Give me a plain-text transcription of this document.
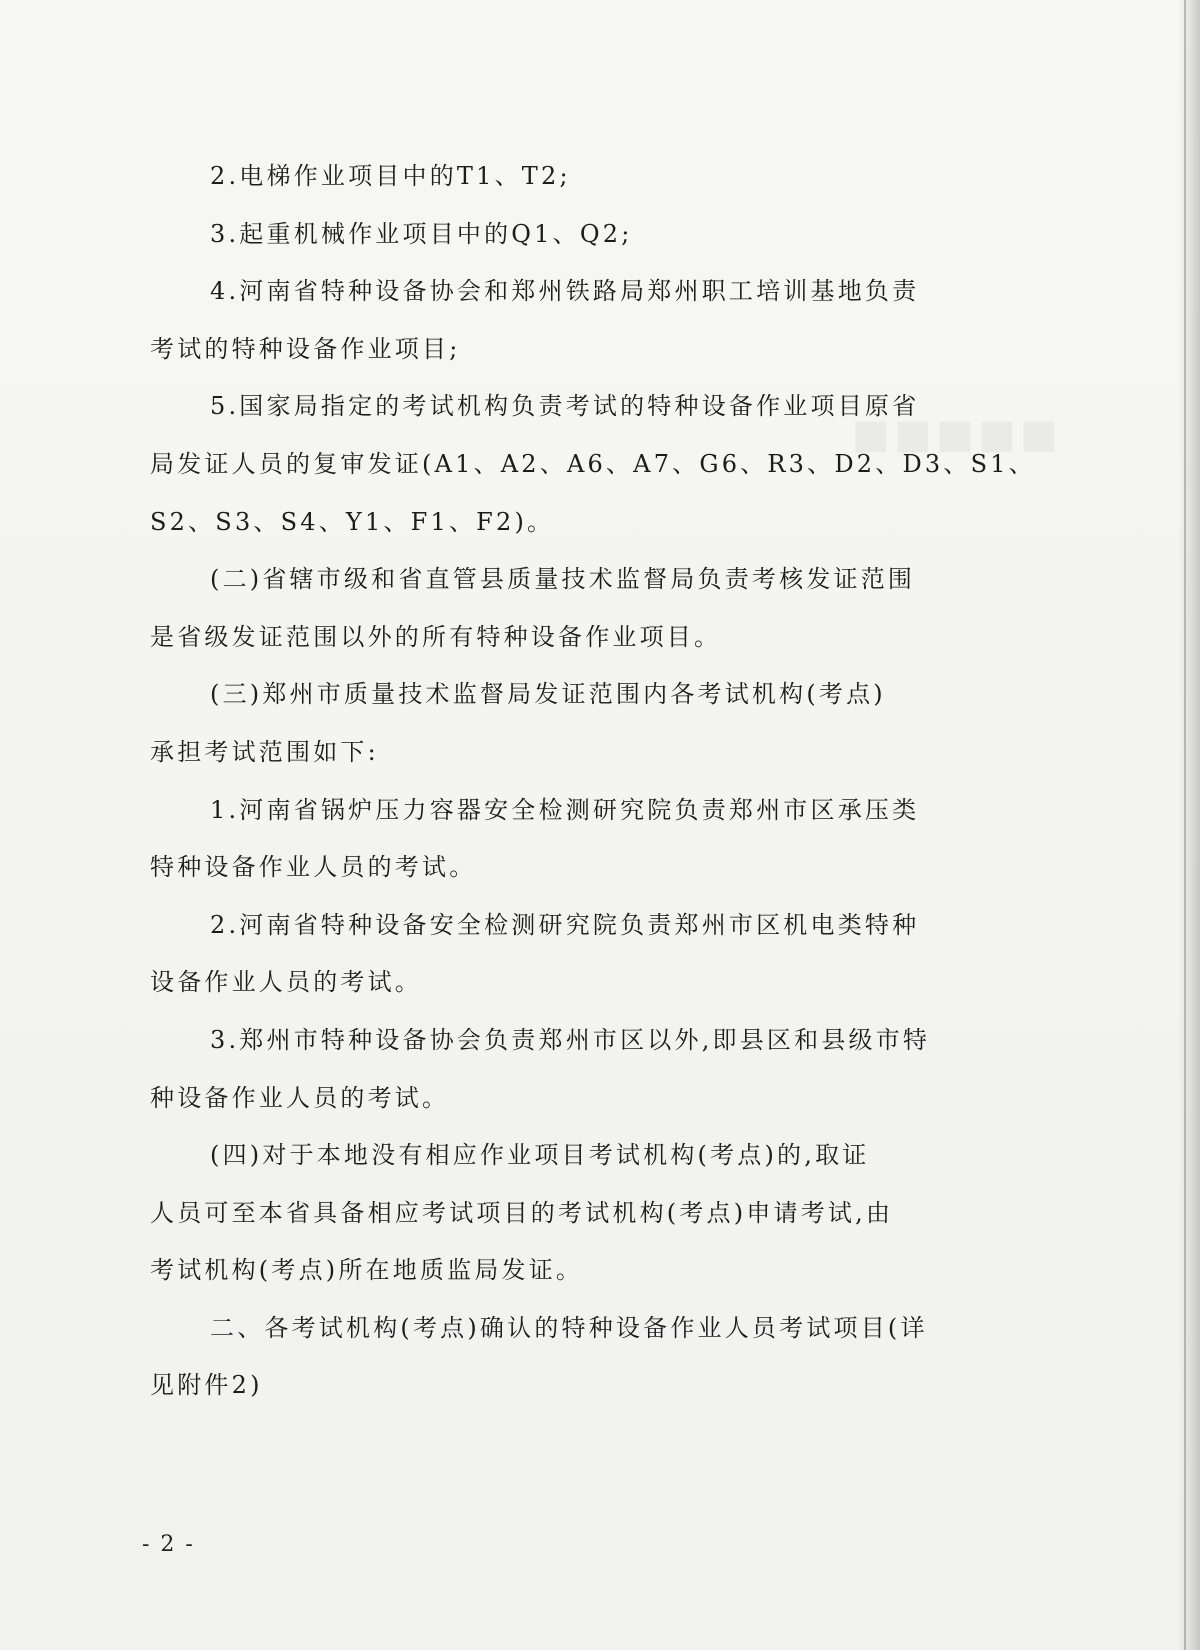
▪▪▪▪▪
2.电梯作业项目中的T1、T2;
3.起重机械作业项目中的Q1、Q2;
4.河南省特种设备协会和郑州铁路局郑州职工培训基地负责
考试的特种设备作业项目;
5.国家局指定的考试机构负责考试的特种设备作业项目原省
局发证人员的复审发证(A1、A2、A6、A7、G6、R3、D2、D3、S1、
S2、S3、S4、Y1、F1、F2)。
(二)省辖市级和省直管县质量技术监督局负责考核发证范围
是省级发证范围以外的所有特种设备作业项目。
(三)郑州市质量技术监督局发证范围内各考试机构(考点)
承担考试范围如下:
1.河南省锅炉压力容器安全检测研究院负责郑州市区承压类
特种设备作业人员的考试。
2.河南省特种设备安全检测研究院负责郑州市区机电类特种
设备作业人员的考试。
3.郑州市特种设备协会负责郑州市区以外,即县区和县级市特
种设备作业人员的考试。
(四)对于本地没有相应作业项目考试机构(考点)的,取证
人员可至本省具备相应考试项目的考试机构(考点)申请考试,由
考试机构(考点)所在地质监局发证。
二、各考试机构(考点)确认的特种设备作业人员考试项目(详
见附件2)
- 2 -
